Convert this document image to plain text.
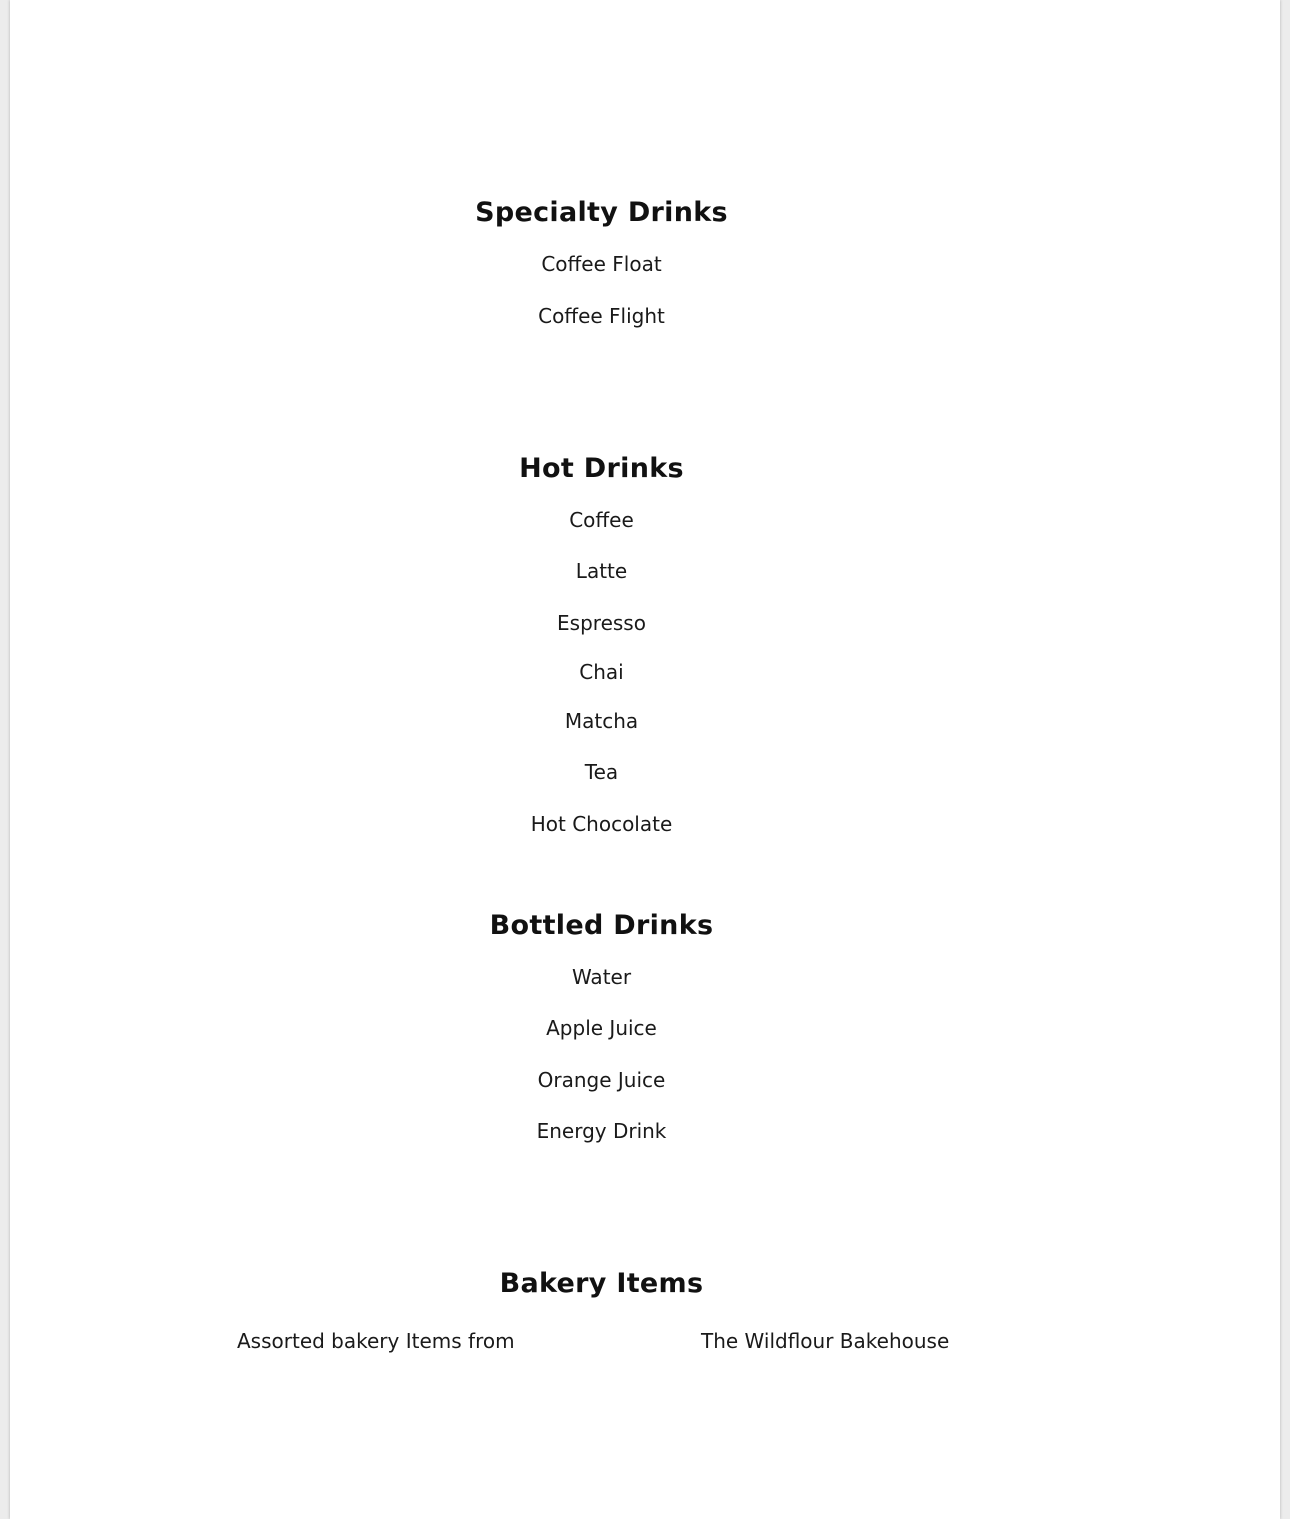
Specialty Drinks

Coffee Float

Coffee Flight

Hot Drinks

Coffee

Latte

Espresso

Chai

Matcha

Tea

Hot Chocolate

Bottled Drinks

Water

Apple Juice

Orange Juice

Energy Drink

Bakery Items

Assorted bakery Items from	The Wildflour Bakehouse
